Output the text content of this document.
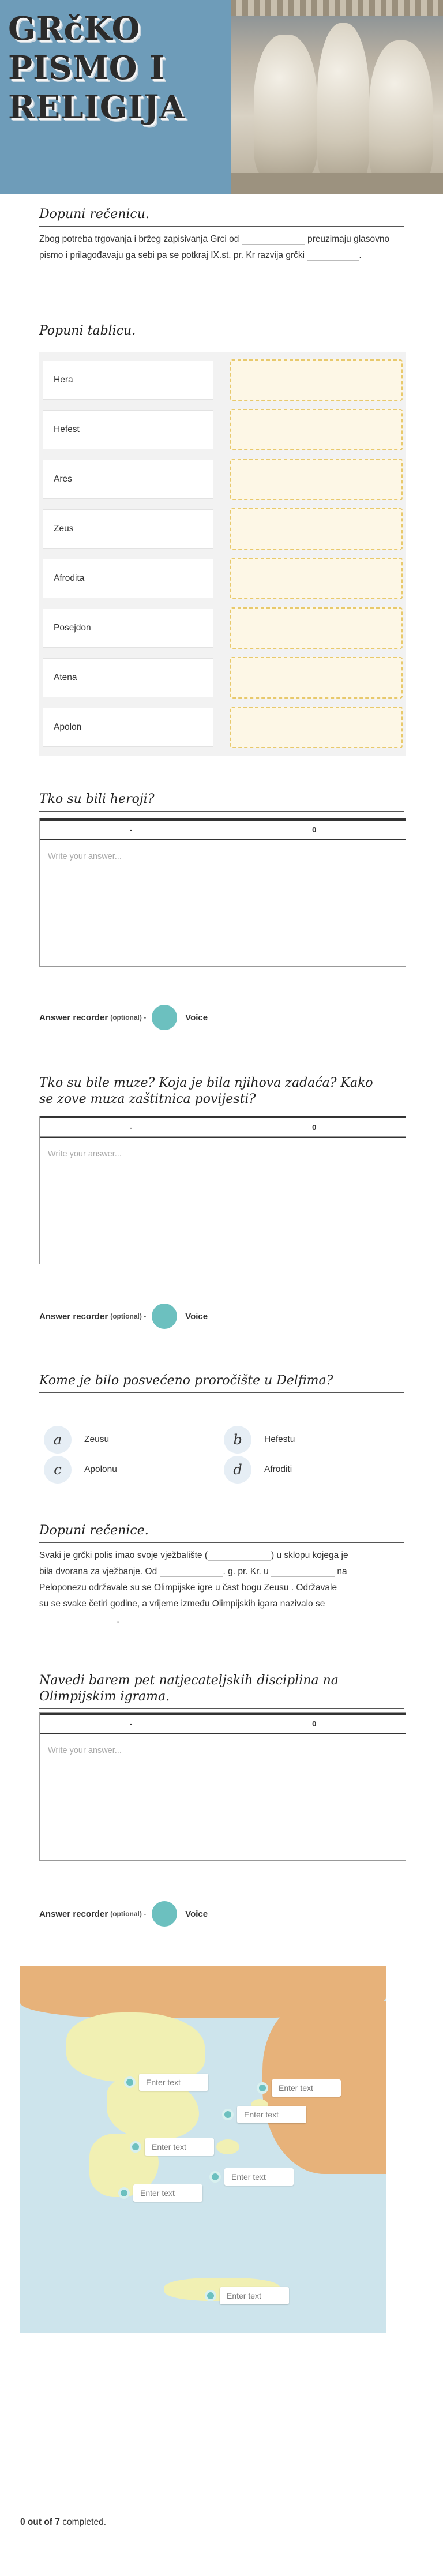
GRčKO
PISMO I
RELIGIJA
Dopuni rečenicu.
Zbog potreba trgovanja i bržeg zapisivanja Grci od	preuzimaju glasovno pismo i prilagođavaju ga sebi pa se potkraj IX.st. pr. Kr razvija grčki	.
Popuni tablicu.
Hera
Hefest
Ares
Zeus
Afrodita
Posejdon
Atena
Apolon
Tko su bili heroji?
-	0
Write your answer...
Answer recorder (optional) -	Voice
Tko su bile muze? Koja je bila njihova zadaća? Kako
se zove muza zaštitnica povijesti?
-	0
Write your answer...
Answer recorder (optional) -	Voice
Kome je bilo posvećeno proročište u Delfima?
a	Zeusu	b	Hefestu
c	Apolonu	d	Afroditi
Dopuni rečenice.
Svaki je grčki polis imao svoje vježbalište (	) u sklopu kojega je
bila dvorana za vježbanje. Od	. g. pr. Kr. u	na
Peloponezu održavale su se Olimpijske igre u čast bogu Zeusu . Održavale
su se svake četiri godine, a vrijeme između Olimpijskih igara nazivalo se
.
Navedi barem pet natjecateljskih disciplina na
Olimpijskim igrama.
-	0
Write your answer...
Answer recorder (optional) -	Voice
Enter text
Enter text
Enter text
Enter text
Enter text
Enter text
Enter text
0 out of 7 completed.
